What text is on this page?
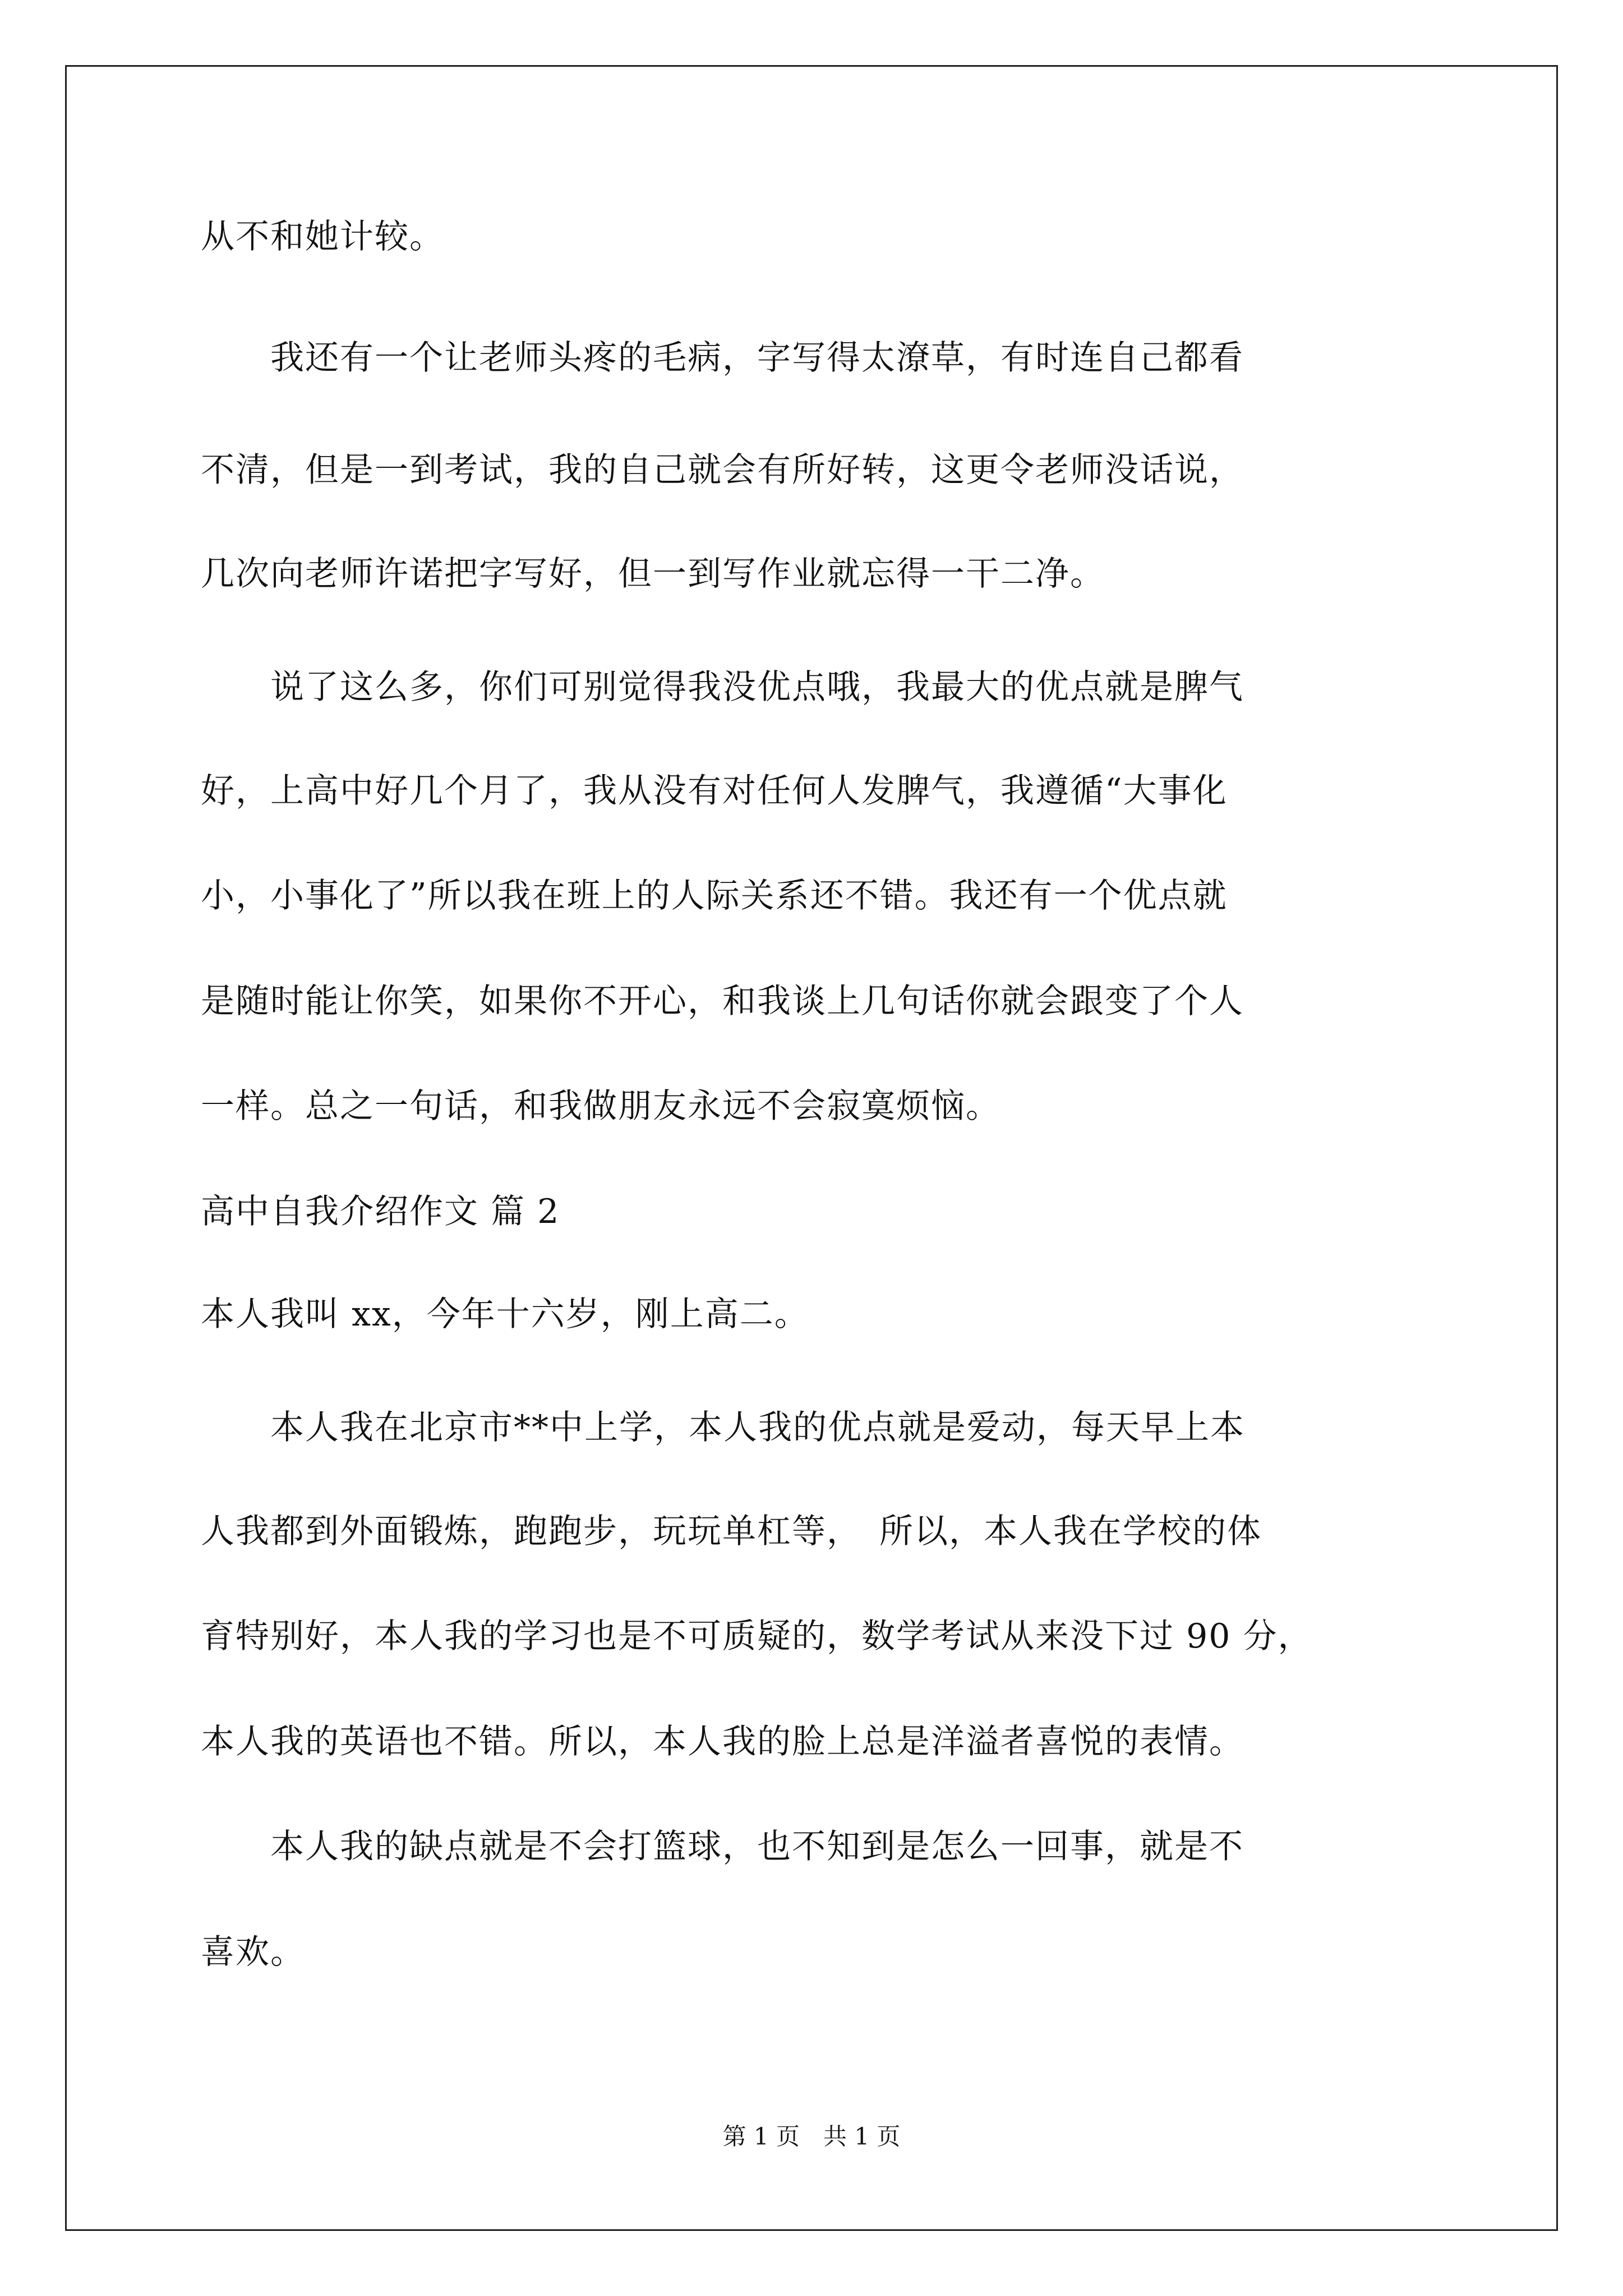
从不和她计较。
　　我还有一个让老师头疼的毛病，字写得太潦草，有时连自己都看
不清，但是一到考试，我的自己就会有所好转，这更令老师没话说，
几次向老师许诺把字写好，但一到写作业就忘得一干二净。
　　说了这么多，你们可别觉得我没优点哦，我最大的优点就是脾气
好，上高中好几个月了，我从没有对任何人发脾气，我遵循“大事化
小，小事化了”所以我在班上的人际关系还不错。我还有一个优点就
是随时能让你笑，如果你不开心，和我谈上几句话你就会跟变了个人
一样。总之一句话，和我做朋友永远不会寂寞烦恼。
高中自我介绍作文 篇 2
本人我叫 xx，今年十六岁，刚上高二。
　　本人我在北京市**中上学，本人我的优点就是爱动，每天早上本
人我都到外面锻炼，跑跑步，玩玩单杠等，　所以，本人我在学校的体
育特别好，本人我的学习也是不可质疑的，数学考试从来没下过 90 分，
本人我的英语也不错。所以，本人我的脸上总是洋溢者喜悦的表情。
　　本人我的缺点就是不会打篮球，也不知到是怎么一回事，就是不
喜欢。
第 1 页　共 1 页
